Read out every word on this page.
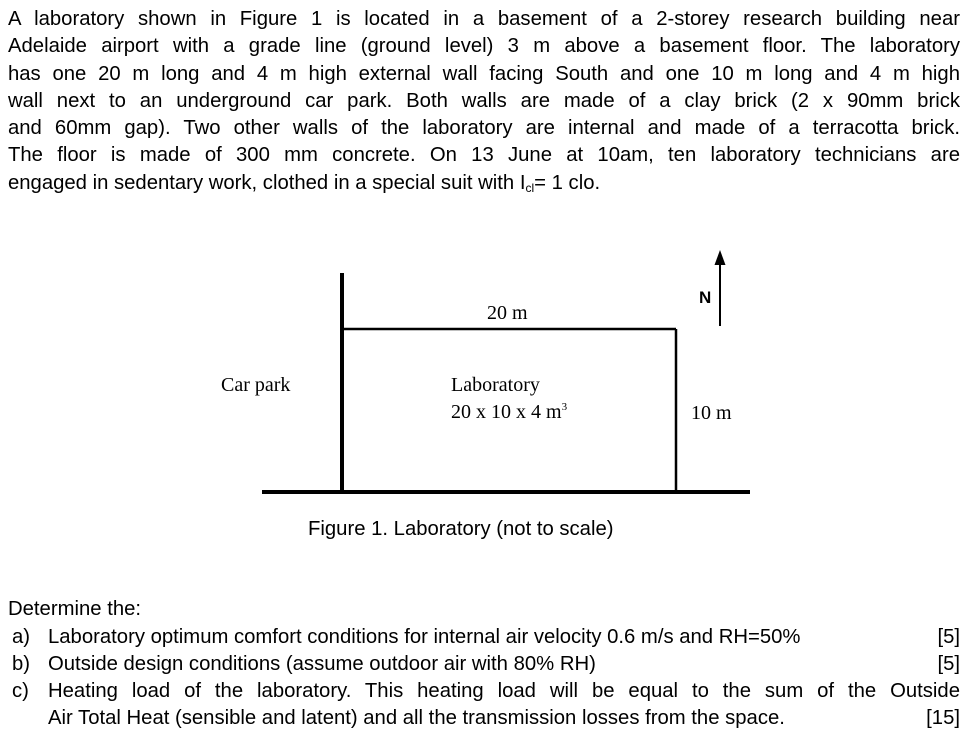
A laboratory shown in Figure 1 is located in a basement of a 2-storey research building near
Adelaide airport with a grade line (ground level) 3 m above a basement floor. The laboratory
has one 20 m long and 4 m high external wall facing South and one 10 m long and 4 m high
wall next to an underground car park. Both walls are made of a clay brick (2 x 90mm brick
and 60mm gap). Two other walls of the laboratory are internal and made of a terracotta brick.
The floor is made of 300 mm concrete. On 13 June at 10am, ten laboratory technicians are
engaged in sedentary work, clothed in a special suit with $I_{cl}= 1$ clo.
N
20 m
Car park	Laboratory
20 x 10 x 4 $m^3$	10 m
Figure 1. Laboratory (not to scale)
Determine the:
a) Laboratory optimum comfort conditions for internal air velocity 0.6 m/s and RH=50%	[5]
b) Outside design conditions (assume outdoor air with 80% RH)	[5]
c) Heating load of the laboratory. This heating load will be equal to the sum of the Outside
Air Total Heat (sensible and latent) and all the transmission losses from the space.	[15]
